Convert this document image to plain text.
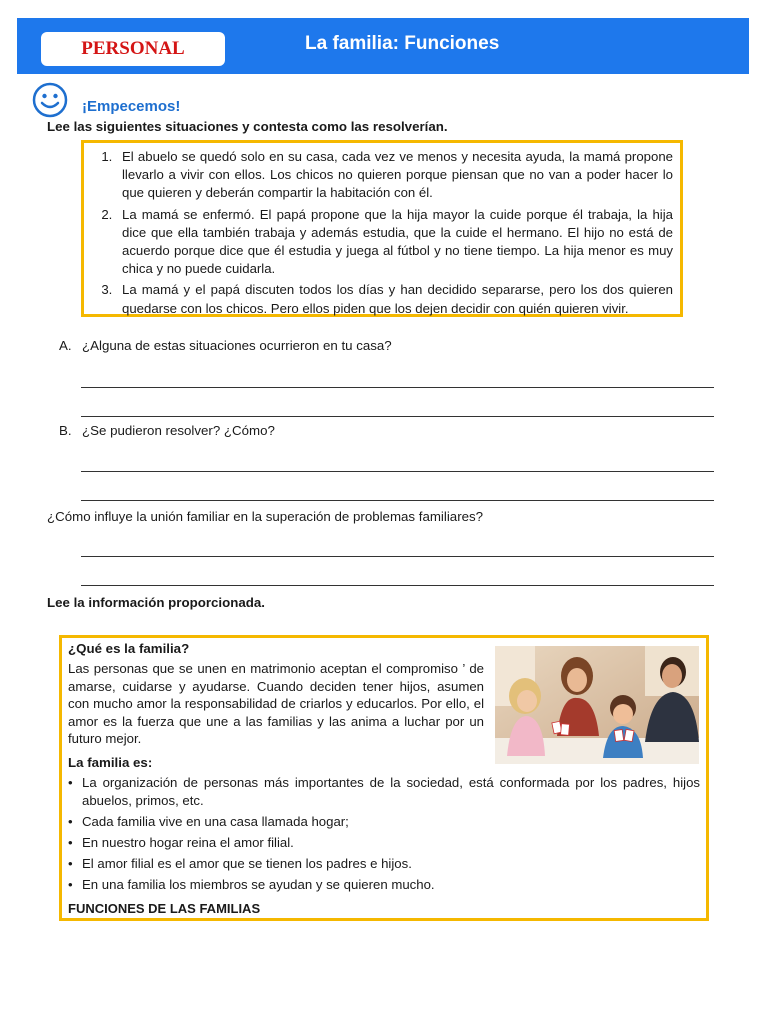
PERSONAL	La familia: Funciones
¡Empecemos!
Lee las siguientes situaciones y contesta como las resolverían.
1. El abuelo se quedó solo en su casa, cada vez ve menos y necesita ayuda, la mamá propone llevarlo a vivir con ellos. Los chicos no quieren porque piensan que no van a poder hacer lo que quieren y deberán compartir la habitación con él.
2. La mamá se enfermó. El papá propone que la hija mayor la cuide porque él trabaja, la hija dice que ella también trabaja y además estudia, que la cuide el hermano. El hijo no está de acuerdo porque dice que él estudia y juega al fútbol y no tiene tiempo. La hija menor es muy chica y no puede cuidarla.
3. La mamá y el papá discuten todos los días y han decidido separarse, pero los dos quieren quedarse con los chicos. Pero ellos piden que los dejen decidir con quién quieren vivir.
A. ¿Alguna de estas situaciones ocurrieron en tu casa?
B. ¿Se pudieron resolver? ¿Cómo?
¿Cómo influye la unión familiar en la superación de problemas familiares?
Lee la información proporcionada.
¿Qué es la familia?

Las personas que se unen en matrimonio aceptan el compromiso ’ de amarse, cuidarse y ayudarse. Cuando deciden tener hijos, asumen con mucho amor la responsabilidad de criarlos y educarlos. Por ello, el amor es la fuerza que une a las familias y las anima a luchar por un futuro mejor.

La familia es:
• La organización de personas más importantes de la sociedad, está conformada por los padres, hijos abuelos, primos, etc.
• Cada familia vive en una casa llamada hogar;
• En nuestro hogar reina el amor filial.
• El amor filial es el amor que se tienen los padres e hijos.
• En una familia los miembros se ayudan y se quieren mucho.
FUNCIONES DE LAS FAMILIAS
